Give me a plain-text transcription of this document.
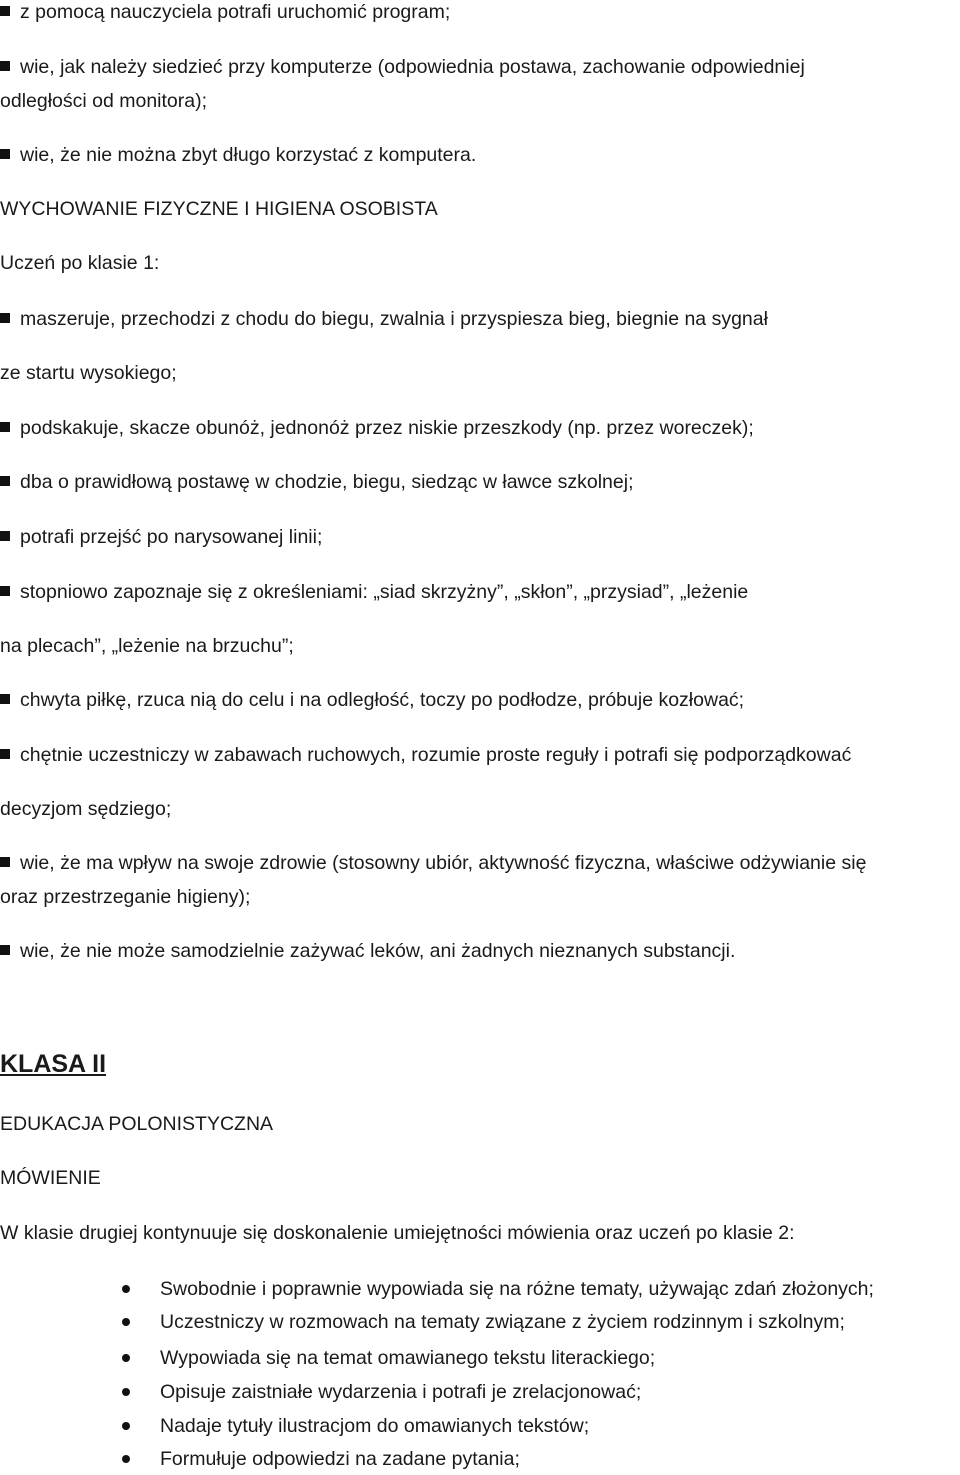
z pomocą nauczyciela potrafi uruchomić program;
wie, jak należy siedzieć przy komputerze (odpowiednia postawa, zachowanie odpowiedniej
odległości od monitora);
wie, że nie można zbyt długo korzystać z komputera.
WYCHOWANIE FIZYCZNE I HIGIENA OSOBISTA
Uczeń po klasie 1:
maszeruje, przechodzi z chodu do biegu, zwalnia i przyspiesza bieg, biegnie na sygnał
ze startu wysokiego;
podskakuje, skacze obunóż, jednonóż przez niskie przeszkody (np. przez woreczek);
dba o prawidłową postawę w chodzie, biegu, siedząc w ławce szkolnej;
potrafi przejść po narysowanej linii;
stopniowo zapoznaje się z określeniami: „siad skrzyżny”, „skłon”, „przysiad”, „leżenie
na plecach”, „leżenie na brzuchu”;
chwyta piłkę, rzuca nią do celu i na odległość, toczy po podłodze, próbuje kozłować;
chętnie uczestniczy w zabawach ruchowych, rozumie proste reguły i potrafi się podporządkować
decyzjom sędziego;
wie, że ma wpływ na swoje zdrowie (stosowny ubiór, aktywność fizyczna, właściwe odżywianie się
oraz przestrzeganie higieny);
wie, że nie może samodzielnie zażywać leków, ani żadnych nieznanych substancji.
KLASA II
EDUKACJA POLONISTYCZNA
MÓWIENIE
W klasie drugiej kontynuuje się doskonalenie umiejętności mówienia oraz uczeń po klasie 2:
Swobodnie i poprawnie wypowiada się na różne tematy, używając zdań złożonych;
Uczestniczy w rozmowach na tematy związane z życiem rodzinnym i szkolnym;
Wypowiada się na temat omawianego tekstu literackiego;
Opisuje zaistniałe wydarzenia i potrafi je zrelacjonować;
Nadaje tytuły ilustracjom do omawianych tekstów;
Formułuje odpowiedzi na zadane pytania;
